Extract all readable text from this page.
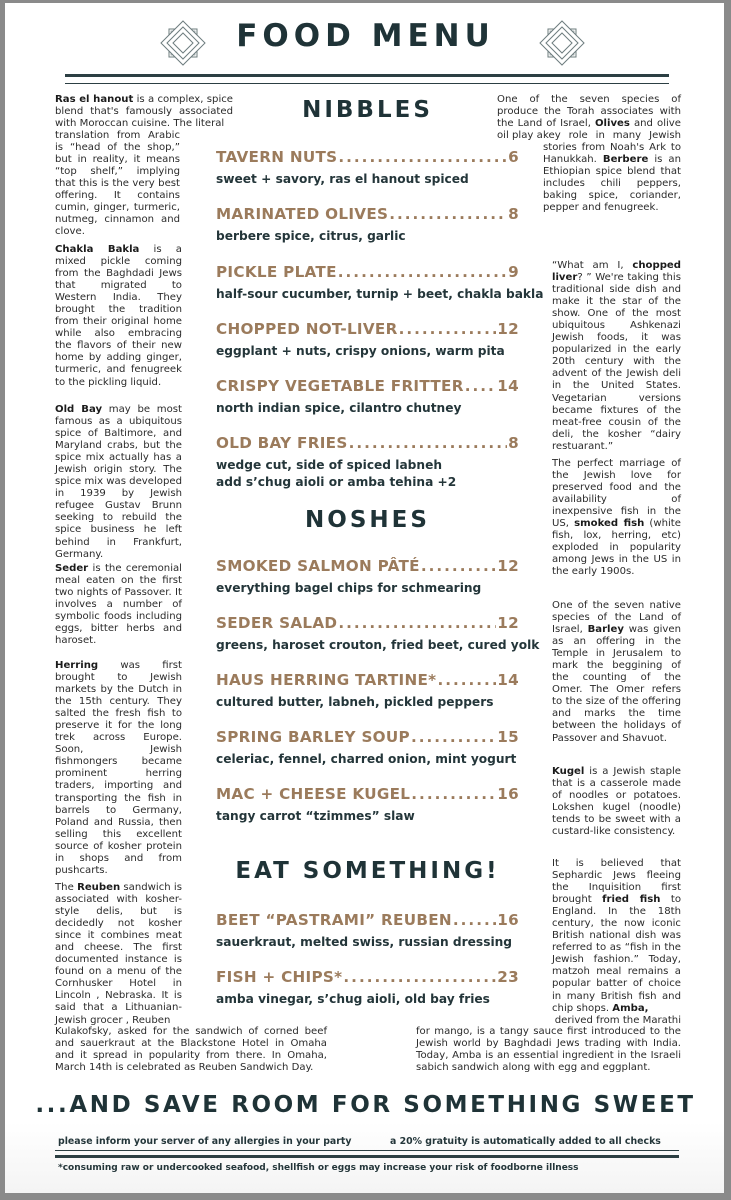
FOOD MENU
Ras el hanout is a complex, spice blend that's famously associated with Moroccan cuisine. The literal
translation from Arabic is “head of the shop,” but in reality, it means “top shelf,” implying that this is the very best offering. It contains cumin, ginger, turmeric, nutmeg, cinnamon and clove.
Chakla Bakla is a mixed pickle coming from the Baghdadi Jews that migrated to Western India. They brought the tradition from their original home while also embracing the flavors of their new home by adding ginger, turmeric, and fenugreek to the pickling liquid.
Old Bay may be most famous as a ubiquitous spice of Baltimore, and Maryland crabs, but the spice mix actually has a Jewish origin story. The spice mix was developed in 1939 by Jewish refugee Gustav Brunn seeking to rebuild the spice business he left behind in Frankfurt, Germany.
Seder is the ceremonial meal eaten on the first two nights of Passover. It involves a number of symbolic foods including eggs, bitter herbs and haroset.
Herring was first brought to Jewish markets by the Dutch in the 15th century. They salted the fresh fish to preserve it for the long trek across Europe. Soon, Jewish fishmongers became prominent herring traders, importing and transporting the fish in barrels to Germany, Poland and Russia, then selling this excellent source of kosher protein in shops and from pushcarts.
The Reuben sandwich is associated with kosher-style delis, but is decidedly not kosher since it combines meat and cheese. The first documented instance is found on a menu of the Cornhusker Hotel in Lincoln , Nebraska. It is said that a Lithuanian-Jewish grocer , Reuben
Kulakofsky, asked for the sandwich of corned beef and sauerkraut at the Blackstone Hotel in Omaha and it spread in popularity from there. In Omaha, March 14th is celebrated as Reuben Sandwich Day.
One of the seven species of produce the Torah associates with the Land of Israel, Olives and olive oil play a key role in many Jewish stories from Noah's Ark to Hanukkah. Berbere is an Ethiopian spice blend that includes chili peppers, baking spice, coriander, pepper and fenugreek.
“What am I, chopped liver? ” We're taking this traditional side dish and make it the star of the show. One of the most ubiquitous Ashkenazi Jewish foods, it was popularized in the early 20th century with the advent of the Jewish deli in the United States. Vegetarian versions became fixtures of the meat-free cousin of the deli, the kosher “dairy restuarant.”
The perfect marriage of the Jewish love for preserved food and the availability of inexpensive fish in the US, smoked fish (white fish, lox, herring, etc) exploded in popularity among Jews in the US in the early 1900s.
One of the seven native species of the Land of Israel, Barley was given as an offering in the Temple in Jerusalem to mark the beggining of the counting of the Omer. The Omer refers to the size of the offering and marks the time between the holidays of Passover and Shavuot.
Kugel is a Jewish staple that is a casserole made of noodles or potatoes. Lokshen kugel (noodle) tends to be sweet with a custard-like consistency.
It is believed that Sephardic Jews fleeing the Inquisition first brought fried fish to England. In the 18th century, the now iconic British national dish was referred to as “fish in the Jewish fashion.” Today, matzoh meal remains a popular batter of choice in many British fish and chip shops. Amba,
derived from the Marathi
for mango, is a tangy sauce first introduced to the Jewish world by Baghdadi Jews trading with India. Today, Amba is an essential ingredient in the Israeli sabich sandwich along with egg and eggplant.
NIBBLES
TAVERN NUTS .....	6
sweet + savory, ras el hanout spiced
MARINATED OLIVES .....	8
berbere spice, citrus, garlic
PICKLE PLATE .....	9
half-sour cucumber, turnip + beet, chakla bakla
CHOPPED NOT-LIVER .....	12
eggplant + nuts, crispy onions, warm pita
CRISPY VEGETABLE FRITTER ..... 14
north indian spice, cilantro chutney
OLD BAY FRIES .....	8
wedge cut, side of spiced labneh
add s’chug aioli or amba tehina +2
NOSHES
SMOKED SALMON PÂTÉ .....	12
everything bagel chips for schmearing
SEDER SALAD .....	12
greens, haroset crouton, fried beet, cured yolk
HAUS HERRING TARTINE* .....	14
cultured butter, labneh, pickled peppers
SPRING BARLEY SOUP .....	15
celeriac, fennel, charred onion, mint yogurt
MAC + CHEESE KUGEL .....	16
tangy carrot “tzimmes” slaw
EAT SOMETHING!
BEET “PASTRAMI” REUBEN .....	16
sauerkraut, melted swiss, russian dressing
FISH + CHIPS* .....	23
amba vinegar, s’chug aioli, old bay fries
...AND SAVE ROOM FOR SOMETHING SWEET
please inform your server of any allergies in your party	a 20% gratuity is automatically added to all checks
*consuming raw or undercooked seafood, shellfish or eggs may increase your risk of foodborne illness
